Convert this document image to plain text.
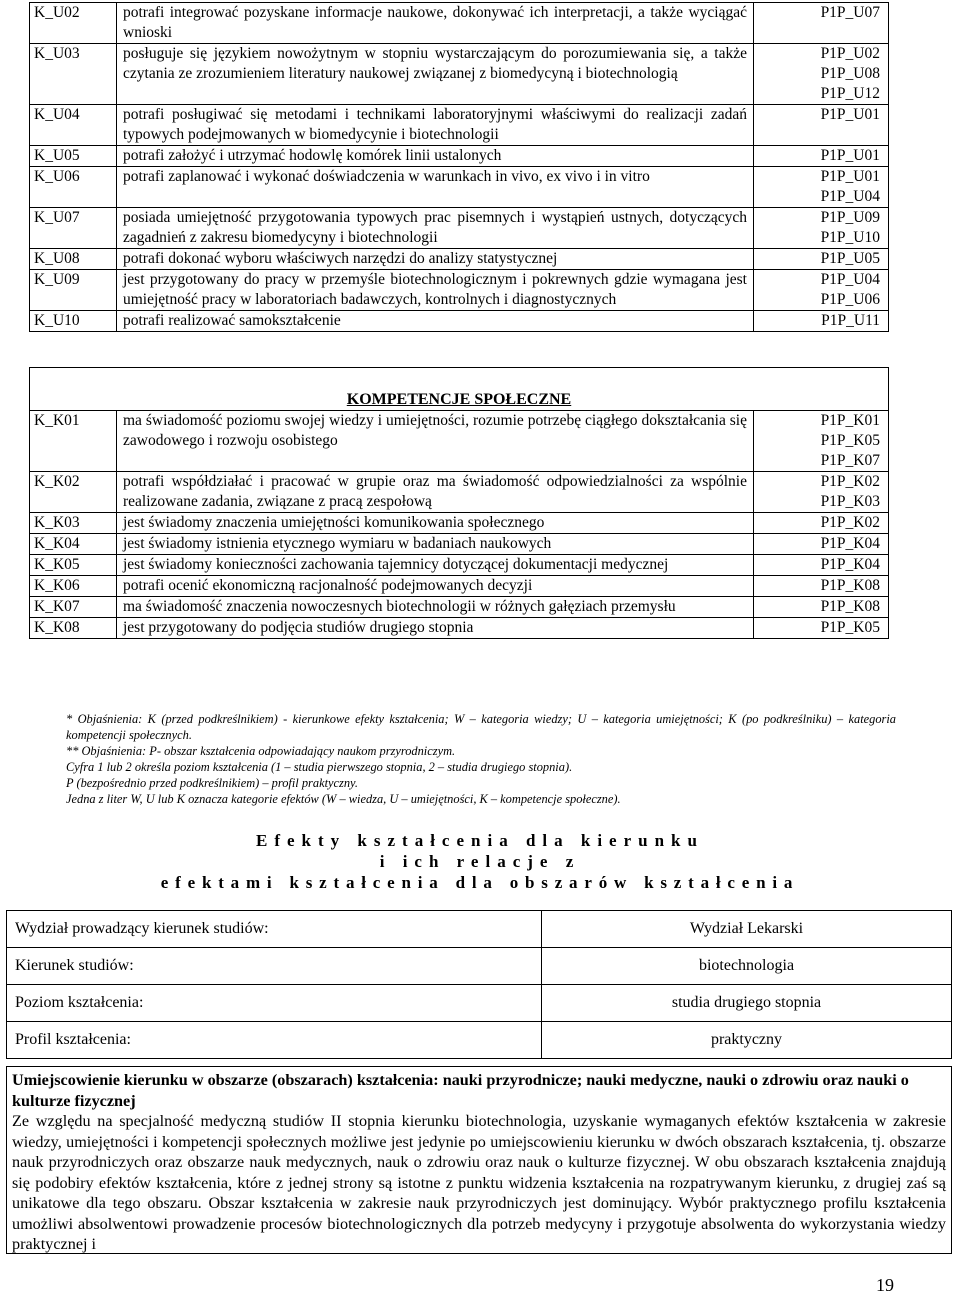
K_U02	potrafi integrować pozyskane informacje naukowe, dokonywać ich interpretacji, a także wyciągać wnioski	P1P_U07

K_U03	posługuje się językiem nowożytnym w stopniu wystarczającym do porozumiewania się, a także czytania ze zrozumieniem literatury naukowej związanej z biomedycyną i biotechnologią	P1P_U02
P1P_U08
P1P_U12

K_U04	potrafi posługiwać się metodami i technikami laboratoryjnymi właściwymi do realizacji zadań typowych podejmowanych w biomedycynie i biotechnologii	P1P_U01

K_U05	potrafi założyć i utrzymać hodowlę komórek linii ustalonych	P1P_U01

K_U06	potrafi zaplanować i wykonać doświadczenia w warunkach in vivo, ex vivo i in vitro	P1P_U01
P1P_U04

K_U07	posiada umiejętność przygotowania typowych prac pisemnych i wystąpień ustnych, dotyczących zagadnień z zakresu biomedycyny i biotechnologii	P1P_U09
P1P_U10

K_U08	potrafi dokonać wyboru właściwych narzędzi do analizy statystycznej	P1P_U05

K_U09	jest przygotowany do pracy w przemyśle biotechnologicznym i pokrewnych gdzie wymagana jest umiejętność pracy w laboratoriach badawczych, kontrolnych i diagnostycznych	P1P_U04
P1P_U06

K_U10	potrafi realizować samokształcenie	P1P_U11
KOMPETENCJE SPOŁECZNE		
K_K01	ma świadomość poziomu swojej wiedzy i umiejętności, rozumie potrzebę ciągłego dokształcania się zawodowego i rozwoju osobistego	P1P_K01
P1P_K05
P1P_K07

K_K02	potrafi współdziałać i pracować w grupie oraz ma świadomość odpowiedzialności za wspólnie realizowane zadania, związane z pracą zespołową	P1P_K02
P1P_K03

K_K03	jest świadomy znaczenia umiejętności komunikowania społecznego	P1P_K02

K_K04	jest świadomy istnienia etycznego wymiaru w badaniach naukowych	P1P_K04

K_K05	jest świadomy konieczności zachowania tajemnicy dotyczącej dokumentacji medycznej	P1P_K04

K_K06	potrafi ocenić ekonomiczną racjonalność podejmowanych decyzji	P1P_K08

K_K07	ma świadomość znaczenia nowoczesnych biotechnologii w różnych gałęziach przemysłu	P1P_K08

K_K08	jest przygotowany do podjęcia studiów drugiego stopnia	P1P_K05

* Objaśnienia: K (przed podkreślnikiem) - kierunkowe efekty kształcenia; W – kategoria wiedzy; U – kategoria umiejętności; K (po podkreślniku) – kategoria kompetencji społecznych.

** Objaśnienia: P- obszar kształcenia odpowiadający naukom przyrodniczym.

Cyfra 1 lub 2 określa poziom kształcenia (1 – studia pierwszego stopnia, 2 – studia drugiego stopnia).

P (bezpośrednio przed podkreślnikiem) – profil praktyczny.

Jedna z liter W, U lub K oznacza kategorie efektów (W – wiedza, U – umiejętności, K – kompetencje społeczne).

Efekty kształcenia dla kierunku
i ich relacje z
efektami kształcenia dla obszarów kształcenia
Wydział prowadzący kierunek studiów:	Wydział Lekarski
Kierunek studiów:	biotechnologia
Poziom kształcenia:	studia drugiego stopnia
Profil kształcenia:	praktyczny
Umiejscowienie kierunku w obszarze (obszarach) kształcenia: nauki przyrodnicze; nauki medyczne, nauki o zdrowiu oraz nauki o kulturze fizycznej
Ze względu na specjalność medyczną studiów II stopnia kierunku biotechnologia, uzyskanie wymaganych efektów kształcenia w zakresie wiedzy, umiejętności i kompetencji społecznych możliwe jest jedynie po umiejscowieniu kierunku w dwóch obszarach kształcenia, tj. obszarze nauk przyrodniczych oraz obszarze nauk medycznych, nauk o zdrowiu oraz nauk o kulturze fizycznej. W obu obszarach kształcenia znajdują się podobiry efektów kształcenia, które z jednej strony są istotne z punktu widzenia kształcenia na rozpatrywanym kierunku, z drugiej zaś są unikatowe dla tego obszaru. Obszar kształcenia w zakresie nauk przyrodniczych jest dominujący. Wybór praktycznego profilu kształcenia umożliwi absolwentowi prowadzenie procesów biotechnologicznych dla potrzeb medycyny i przygotuje absolwenta do wykorzystania wiedzy praktycznej i
19
